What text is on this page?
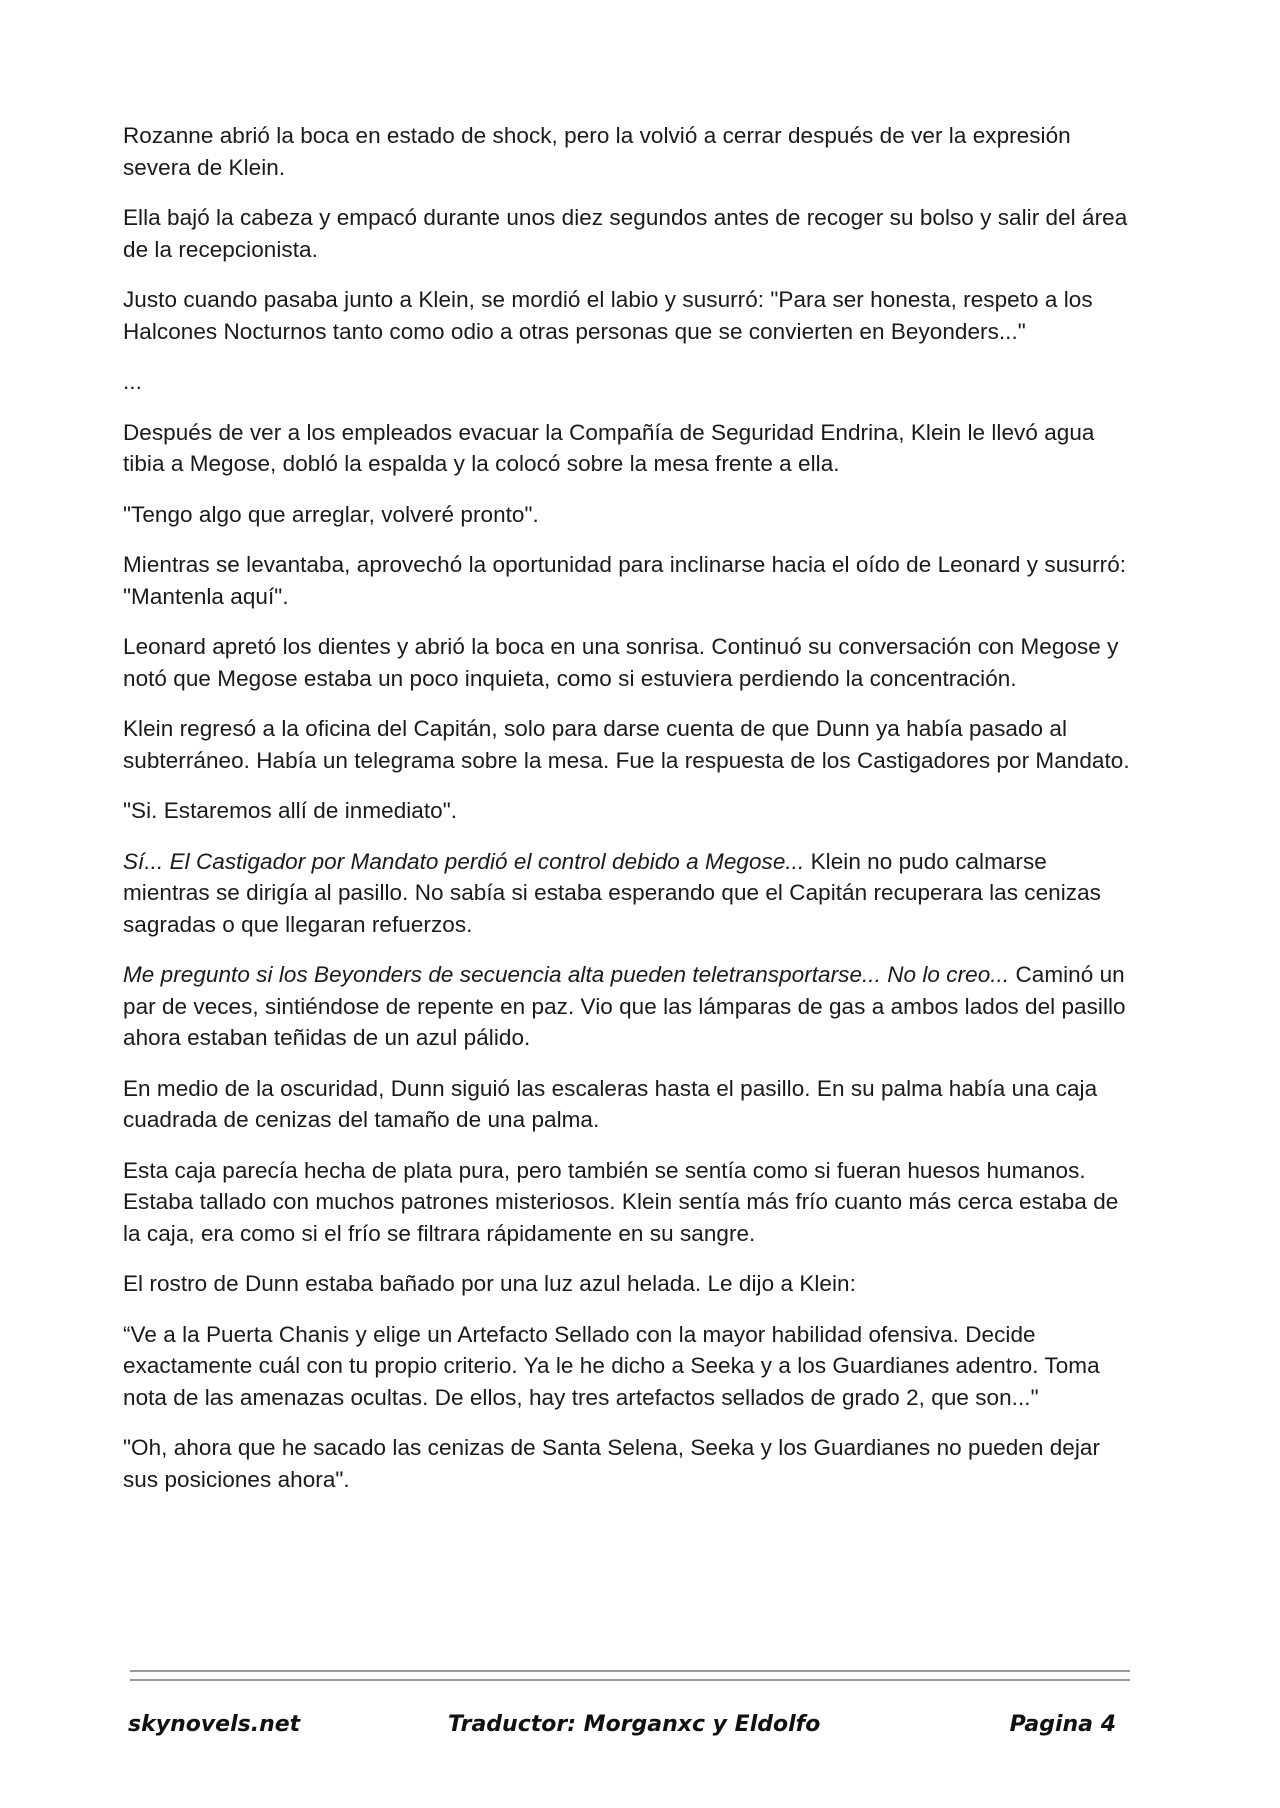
Rozanne abrió la boca en estado de shock, pero la volvió a cerrar después de ver la expresión severa de Klein.

Ella bajó la cabeza y empacó durante unos diez segundos antes de recoger su bolso y salir del área de la recepcionista.

Justo cuando pasaba junto a Klein, se mordió el labio y susurró: "Para ser honesta, respeto a los Halcones Nocturnos tanto como odio a otras personas que se convierten en Beyonders..."

...

Después de ver a los empleados evacuar la Compañía de Seguridad Endrina, Klein le llevó agua tibia a Megose, dobló la espalda y la colocó sobre la mesa frente a ella.

"Tengo algo que arreglar, volveré pronto".

Mientras se levantaba, aprovechó la oportunidad para inclinarse hacia el oído de Leonard y susurró: "Mantenla aquí".

Leonard apretó los dientes y abrió la boca en una sonrisa. Continuó su conversación con Megose y notó que Megose estaba un poco inquieta, como si estuviera perdiendo la concentración.

Klein regresó a la oficina del Capitán, solo para darse cuenta de que Dunn ya había pasado al subterráneo. Había un telegrama sobre la mesa. Fue la respuesta de los Castigadores por Mandato.

"Si. Estaremos allí de inmediato".

Sí... El Castigador por Mandato perdió el control debido a Megose... Klein no pudo calmarse mientras se dirigía al pasillo. No sabía si estaba esperando que el Capitán recuperara las cenizas sagradas o que llegaran refuerzos.

Me pregunto si los Beyonders de secuencia alta pueden teletransportarse... No lo creo... Caminó un par de veces, sintiéndose de repente en paz. Vio que las lámparas de gas a ambos lados del pasillo ahora estaban teñidas de un azul pálido.

En medio de la oscuridad, Dunn siguió las escaleras hasta el pasillo. En su palma había una caja cuadrada de cenizas del tamaño de una palma.

Esta caja parecía hecha de plata pura, pero también se sentía como si fueran huesos humanos. Estaba tallado con muchos patrones misteriosos. Klein sentía más frío cuanto más cerca estaba de la caja, era como si el frío se filtrara rápidamente en su sangre.

El rostro de Dunn estaba bañado por una luz azul helada. Le dijo a Klein:

“Ve a la Puerta Chanis y elige un Artefacto Sellado con la mayor habilidad ofensiva. Decide exactamente cuál con tu propio criterio. Ya le he dicho a Seeka y a los Guardianes adentro. Toma nota de las amenazas ocultas. De ellos, hay tres artefactos sellados de grado 2, que son..."

"Oh, ahora que he sacado las cenizas de Santa Selena, Seeka y los Guardianes no pueden dejar sus posiciones ahora".

skynovels.net	Traductor: Morganxc y Eldolfo	Pagina 4
